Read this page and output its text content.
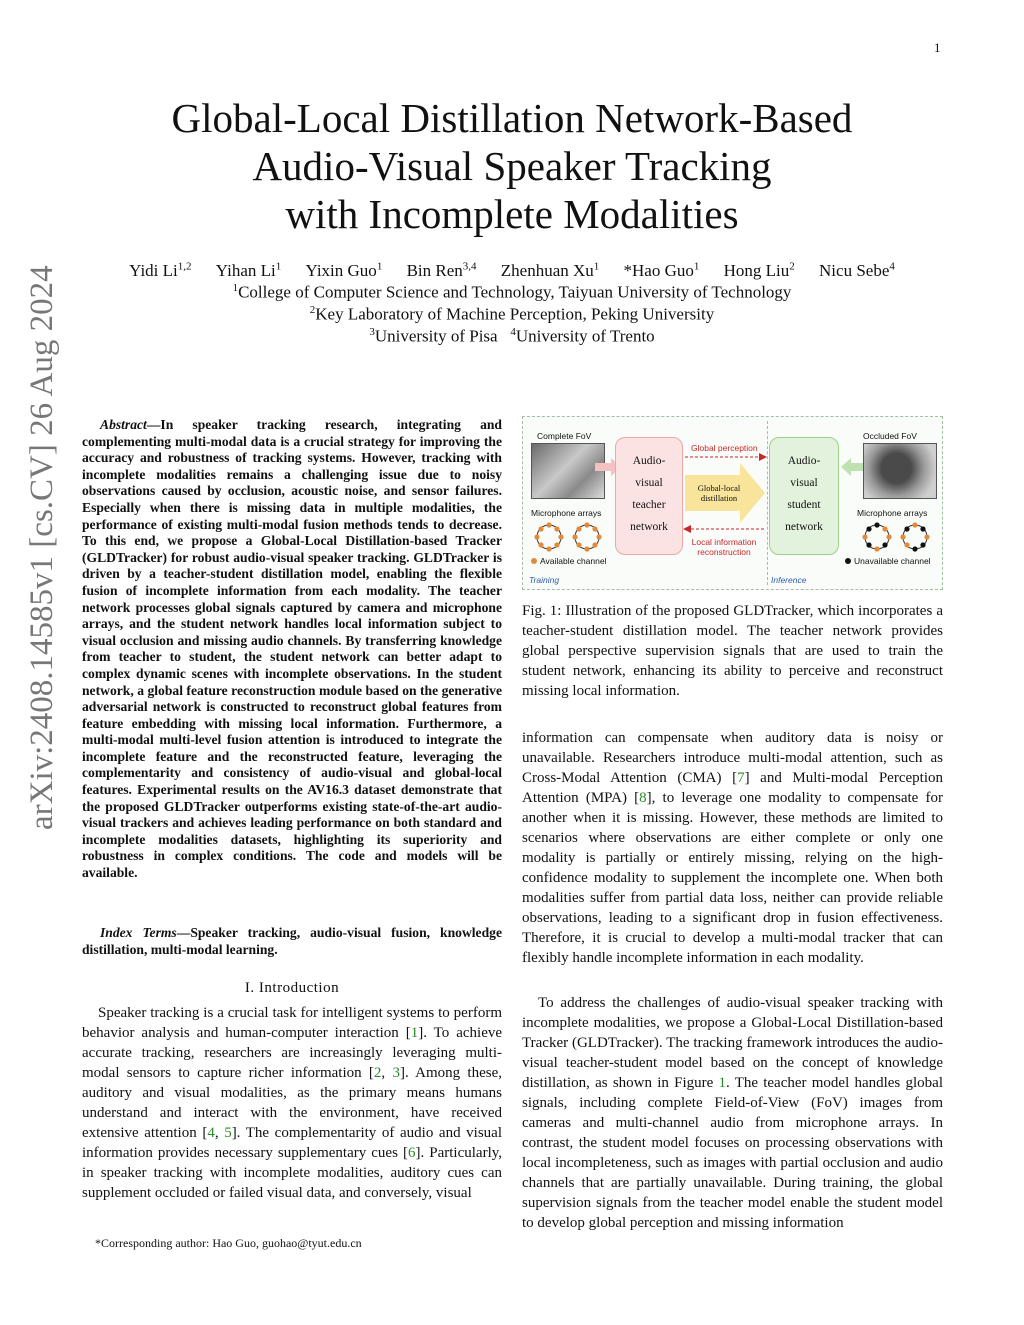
1
arXiv:2408.14585v1 [cs.CV] 26 Aug 2024
Global-Local Distillation Network-Based
Audio-Visual Speaker Tracking
with Incomplete Modalities
Yidi Li$^{1,2}$ Yihan Li$^1$ Yixin Guo$^1$ Bin Ren$^{3,4}$ Zhenhuan Xu$^1$ *Hao Guo$^1$ Hong Liu$^2$ Nicu Sebe$^4$
$^1$College of Computer Science and Technology, Taiyuan University of Technology
$^2$Key Laboratory of Machine Perception, Peking University
$^3$University of Pisa $^4$University of Trento
Abstract—In speaker tracking research, integrating and complementing multi-modal data is a crucial strategy for improving the accuracy and robustness of tracking systems. However, tracking with incomplete modalities remains a challenging issue due to noisy observations caused by occlusion, acoustic noise, and sensor failures. Especially when there is missing data in multiple modalities, the performance of existing multi-modal fusion methods tends to decrease. To this end, we propose a Global-Local Distillation-based Tracker (GLDTracker) for robust audio-visual speaker tracking. GLDTracker is driven by a teacher-student distillation model, enabling the flexible fusion of incomplete information from each modality. The teacher network processes global signals captured by camera and microphone arrays, and the student network handles local information subject to visual occlusion and missing audio channels. By transferring knowledge from teacher to student, the student network can better adapt to complex dynamic scenes with incomplete observations. In the student network, a global feature reconstruction module based on the generative adversarial network is constructed to reconstruct global features from feature embedding with missing local information. Furthermore, a multi-modal multi-level fusion attention is introduced to integrate the incomplete feature and the reconstructed feature, leveraging the complementarity and consistency of audio-visual and global-local features. Experimental results on the AV16.3 dataset demonstrate that the proposed GLDTracker outperforms existing state-of-the-art audio-visual trackers and achieves leading performance on both standard and incomplete modalities datasets, highlighting its superiority and robustness in complex conditions. The code and models will be available.
Index Terms—Speaker tracking, audio-visual fusion, knowledge distillation, multi-modal learning.
I. Introduction
Speaker tracking is a crucial task for intelligent systems to perform behavior analysis and human-computer interaction [1]. To achieve accurate tracking, researchers are increasingly leveraging multi-modal sensors to capture richer information [2, 3]. Among these, auditory and visual modalities, as the primary means humans understand and interact with the environment, have received extensive attention [4, 5]. The complementarity of audio and visual information provides necessary supplementary cues [6]. Particularly, in speaker tracking with incomplete modalities, auditory cues can supplement occluded or failed visual data, and conversely, visual
*Corresponding author: Hao Guo, guohao@tyut.edu.cn
Complete FoV
Microphone arrays
Available channel
Training
Audio-
visual
teacher
network
Global perception
Global-local
distillation
Local information
reconstruction
Inference
Audio-
visual
student
network
Occluded FoV
Microphone arrays
Unavailable channel
Fig. 1: Illustration of the proposed GLDTracker, which incorporates a teacher-student distillation model. The teacher network provides global perspective supervision signals that are used to train the student network, enhancing its ability to perceive and reconstruct missing local information.
information can compensate when auditory data is noisy or unavailable. Researchers introduce multi-modal attention, such as Cross-Modal Attention (CMA) [7] and Multi-modal Perception Attention (MPA) [8], to leverage one modality to compensate for another when it is missing. However, these methods are limited to scenarios where observations are either complete or only one modality is partially or entirely missing, relying on the high-confidence modality to supplement the incomplete one. When both modalities suffer from partial data loss, neither can provide reliable observations, leading to a significant drop in fusion effectiveness. Therefore, it is crucial to develop a multi-modal tracker that can flexibly handle incomplete information in each modality.
To address the challenges of audio-visual speaker tracking with incomplete modalities, we propose a Global-Local Distillation-based Tracker (GLDTracker). The tracking framework introduces the audio-visual teacher-student model based on the concept of knowledge distillation, as shown in Figure 1. The teacher model handles global signals, including complete Field-of-View (FoV) images from cameras and multi-channel audio from microphone arrays. In contrast, the student model focuses on processing observations with local incompleteness, such as images with partial occlusion and audio channels that are partially unavailable. During training, the global supervision signals from the teacher model enable the student model to develop global perception and missing information
